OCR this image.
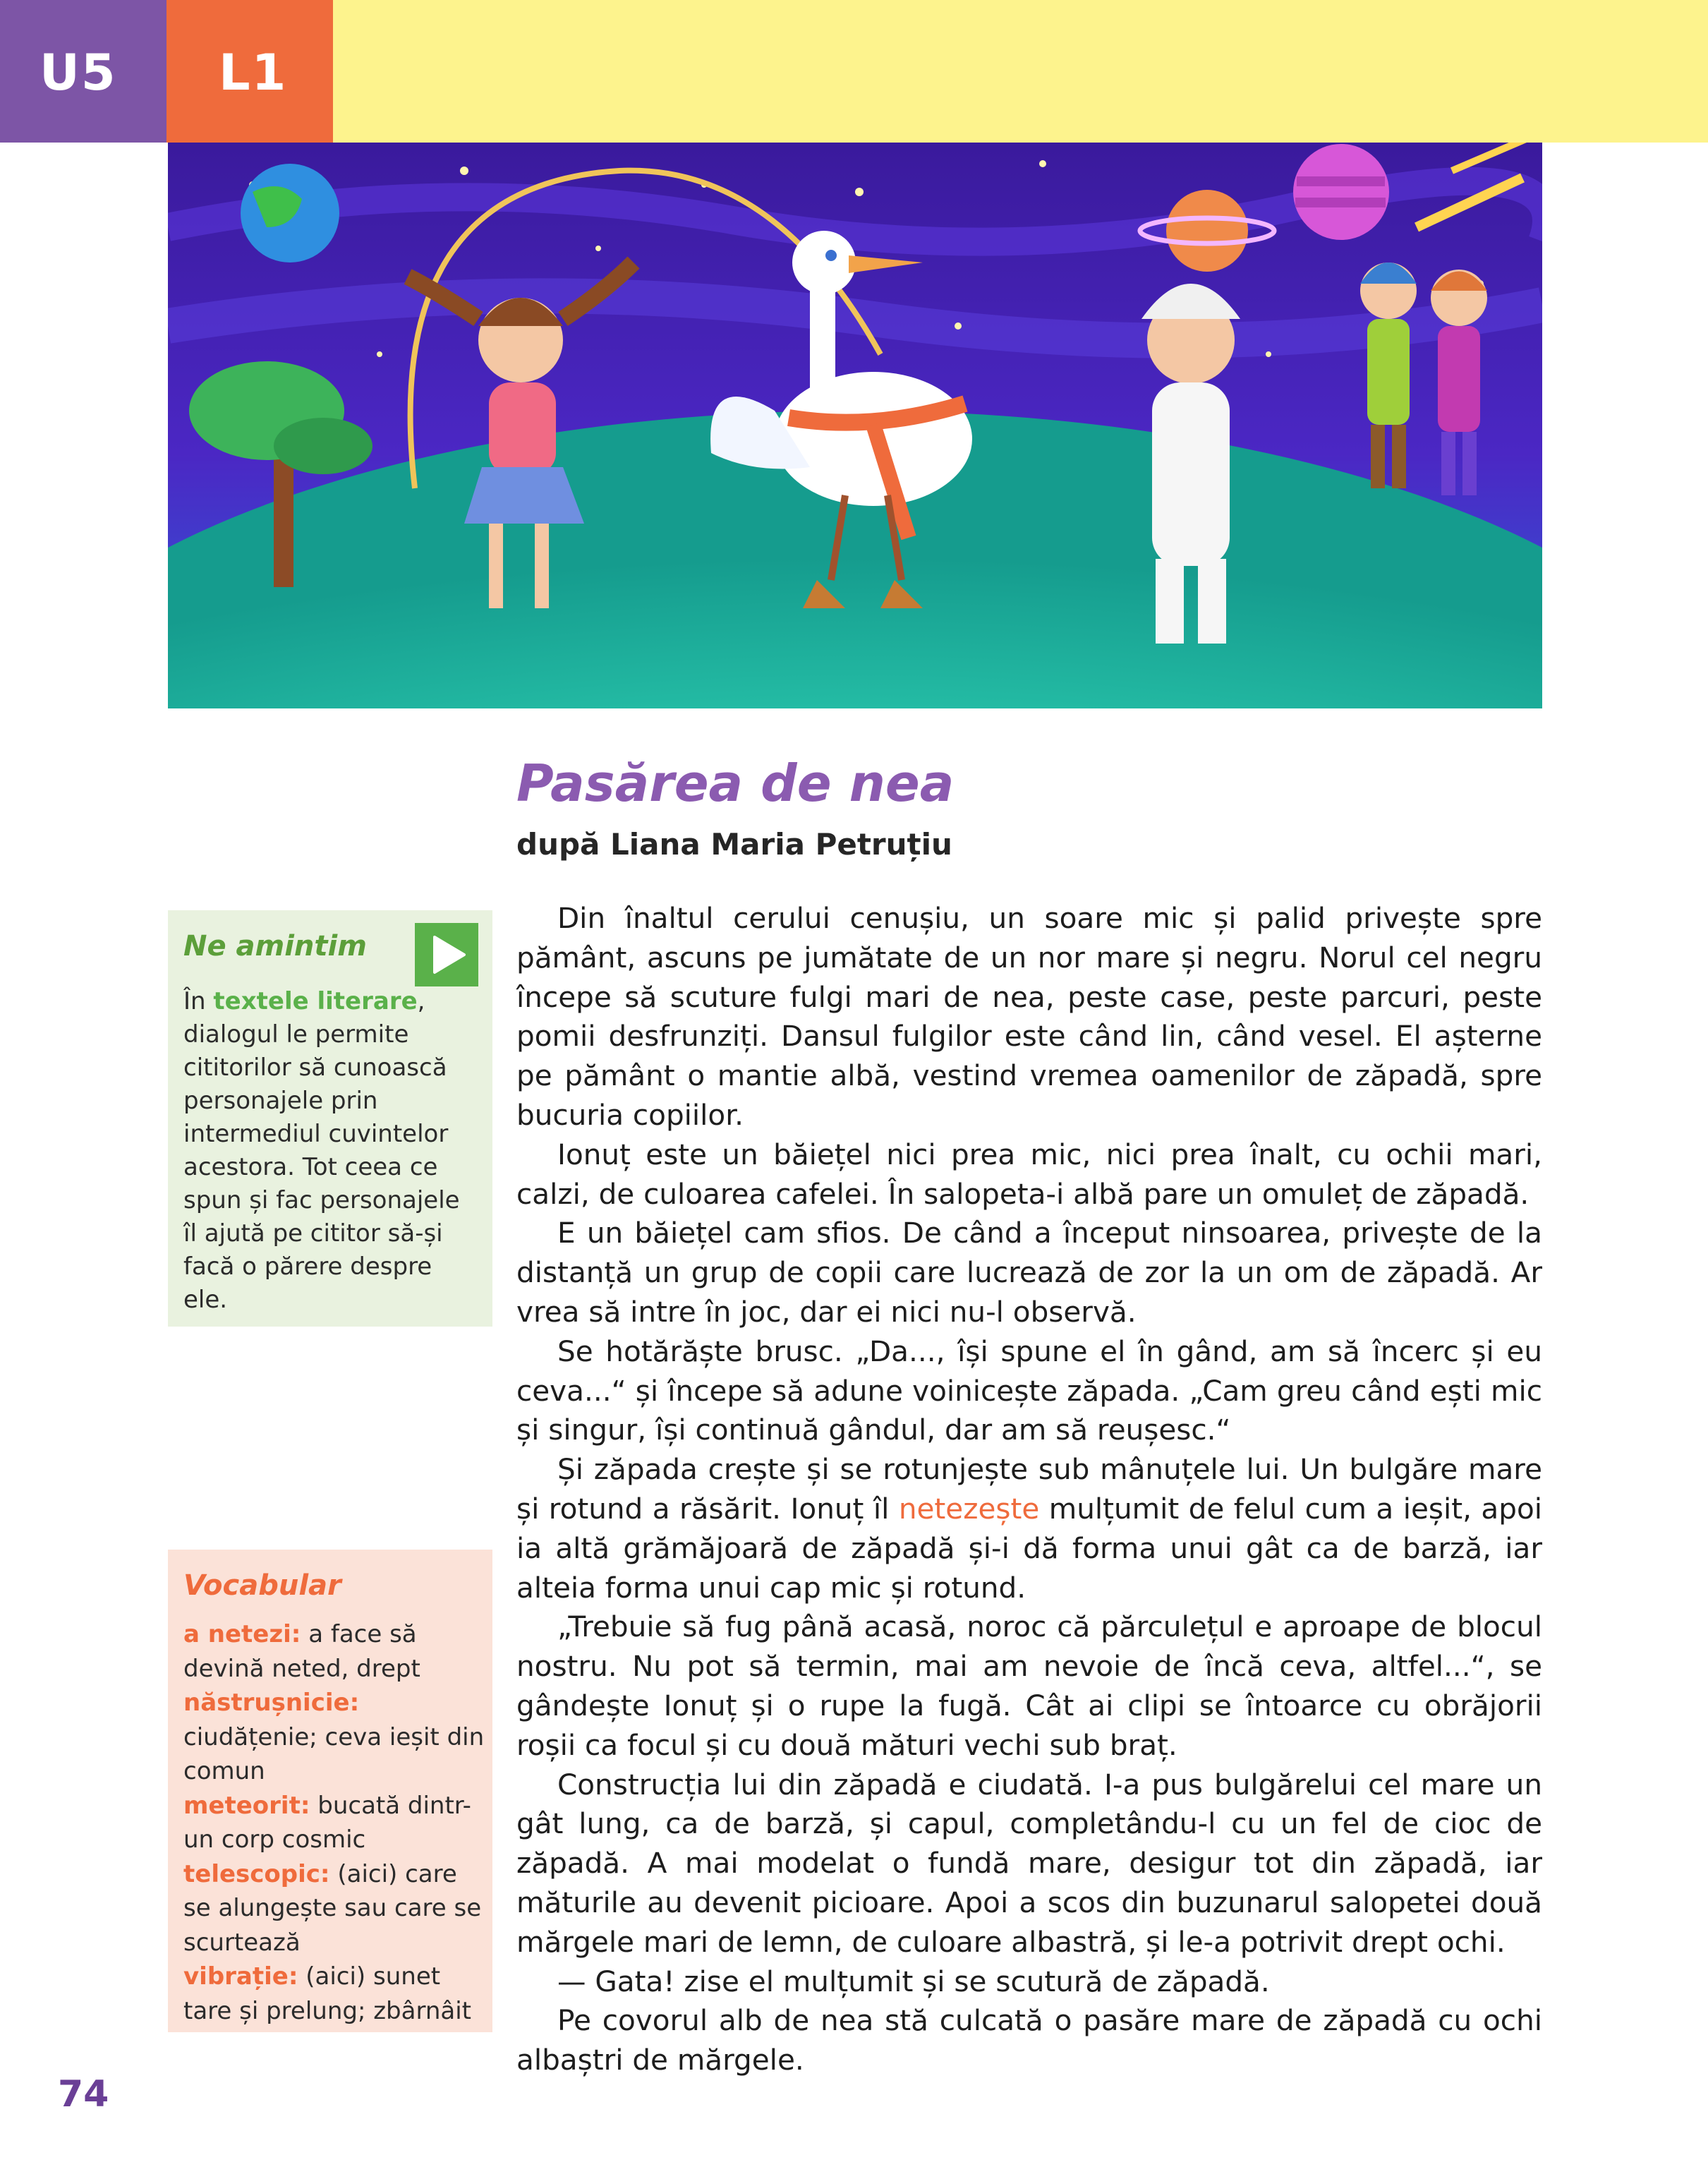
U5 L1
Pasărea de nea
după Liana Maria Petruțiu
Ne amintim
În textele literare, dialogul le permite cititorilor să cunoască personajele prin intermediul cuvintelor acestora. Tot ceea ce spun și fac personajele îl ajută pe cititor să-și facă o părere despre ele.
Vocabular
a netezi: a face să devină neted, drept
năstrușnicie: ciudățenie; ceva ieșit din comun
meteorit: bucată dintr-un corp cosmic
telescopic: (aici) care se alungește sau care se scurtează
vibrație: (aici) sunet tare și prelung; zbârnâit

Din înaltul cerului cenușiu, un soare mic și palid privește spre pământ, ascuns pe jumătate de un nor mare și negru. Norul cel negru începe să scuture fulgi mari de nea, peste case, peste parcuri, peste pomii desfrunziți. Dansul fulgilor este când lin, când vesel. El așterne pe pământ o mantie albă, vestind vremea oamenilor de zăpadă, spre bucuria copiilor.

Ionuț este un băiețel nici prea mic, nici prea înalt, cu ochii mari, calzi, de culoarea cafelei. În salopeta-i albă pare un omuleț de zăpadă.

E un băiețel cam sfios. De când a început ninsoarea, privește de la distanță un grup de copii care lucrează de zor la un om de zăpadă. Ar vrea să intre în joc, dar ei nici nu-l observă.

Se hotărăște brusc. „Da..., își spune el în gând, am să încerc și eu ceva...“ și începe să adune voinicește zăpada. „Cam greu când ești mic și singur, își continuă gândul, dar am să reușesc.“

Și zăpada crește și se rotunjește sub mânuțele lui. Un bulgăre mare și rotund a răsărit. Ionuț îl netezește mulțumit de felul cum a ieșit, apoi ia altă grămăjoară de zăpadă și-i dă forma unui gât ca de barză, iar alteia forma unui cap mic și rotund.

„Trebuie să fug până acasă, noroc că părculețul e aproape de blocul nostru. Nu pot să termin, mai am nevoie de încă ceva, altfel...“, se gândește Ionuț și o rupe la fugă. Cât ai clipi se întoarce cu obrăjorii roșii ca focul și cu două mături vechi sub braț.

Construcția lui din zăpadă e ciudată. I-a pus bulgărelui cel mare un gât lung, ca de barză, și capul, completându-l cu un fel de cioc de zăpadă. A mai modelat o fundă mare, desigur tot din zăpadă, iar măturile au devenit picioare. Apoi a scos din buzunarul salopetei două mărgele mari de lemn, de culoare albastră, și le-a potrivit drept ochi.

— Gata! zise el mulțumit și se scutură de zăpadă.

Pe covorul alb de nea stă culcată o pasăre mare de zăpadă cu ochi albaștri de mărgele.

74
